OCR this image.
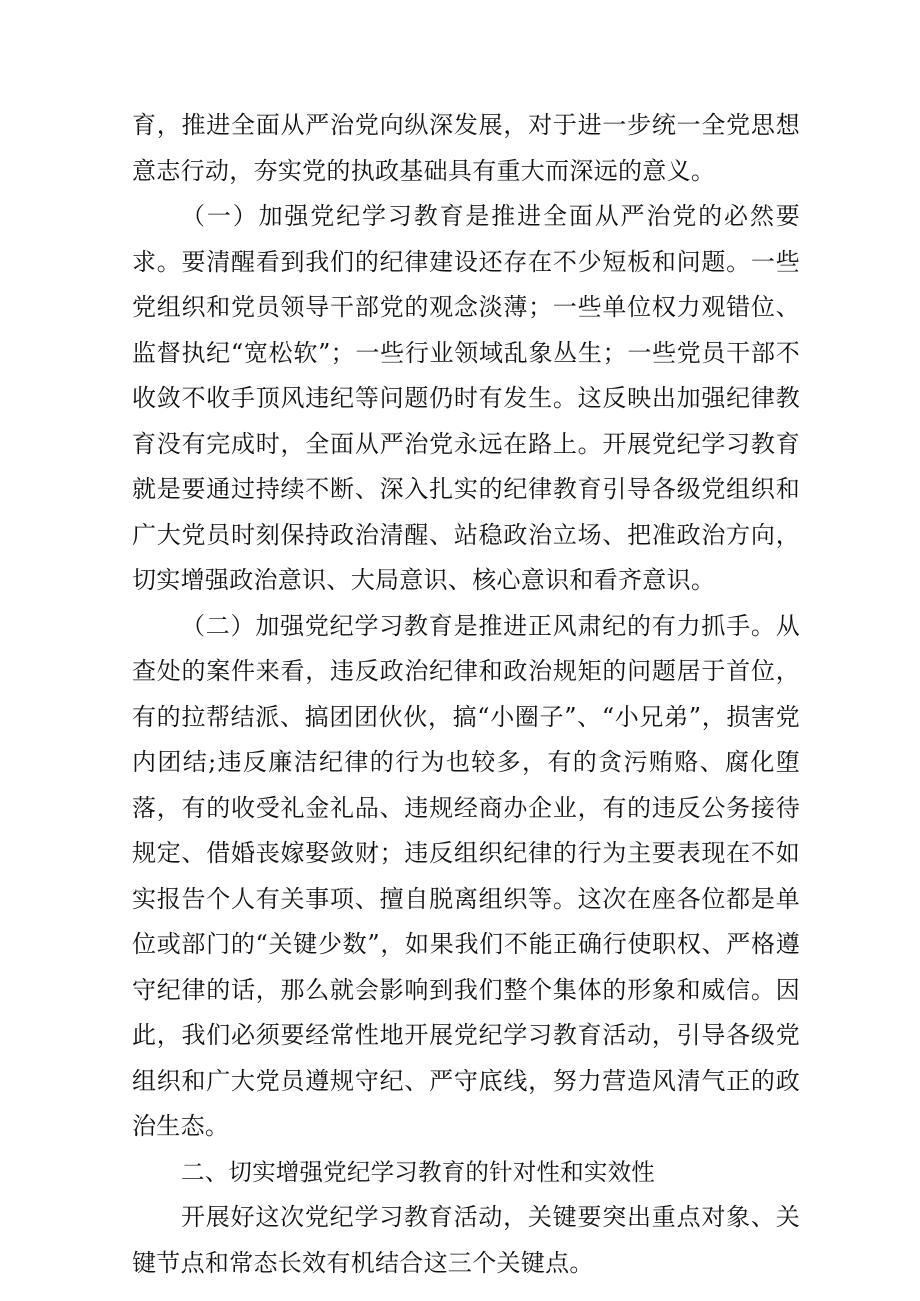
育，推进全面从严治党向纵深发展，对于进一步统一全党思想意志行动，夯实党的执政基础具有重大而深远的意义。

（一）加强党纪学习教育是推进全面从严治党的必然要求。要清醒看到我们的纪律建设还存在不少短板和问题。一些党组织和党员领导干部党的观念淡薄；一些单位权力观错位、监督执纪“宽松软”；一些行业领域乱象丛生；一些党员干部不收敛不收手顶风违纪等问题仍时有发生。这反映出加强纪律教育没有完成时，全面从严治党永远在路上。开展党纪学习教育就是要通过持续不断、深入扎实的纪律教育引导各级党组织和广大党员时刻保持政治清醒、站稳政治立场、把准政治方向，切实增强政治意识、大局意识、核心意识和看齐意识。

（二）加强党纪学习教育是推进正风肃纪的有力抓手。从查处的案件来看，违反政治纪律和政治规矩的问题居于首位，有的拉帮结派、搞团团伙伙，搞“小圈子”、“小兄弟”，损害党内团结;违反廉洁纪律的行为也较多，有的贪污贿赂、腐化堕落，有的收受礼金礼品、违规经商办企业，有的违反公务接待规定、借婚丧嫁娶敛财；违反组织纪律的行为主要表现在不如实报告个人有关事项、擅自脱离组织等。这次在座各位都是单位或部门的“关键少数”，如果我们不能正确行使职权、严格遵守纪律的话，那么就会影响到我们整个集体的形象和威信。因此，我们必须要经常性地开展党纪学习教育活动，引导各级党组织和广大党员遵规守纪、严守底线，努力营造风清气正的政治生态。

二、切实增强党纪学习教育的针对性和实效性

开展好这次党纪学习教育活动，关键要突出重点对象、关键节点和常态长效有机结合这三个关键点。
